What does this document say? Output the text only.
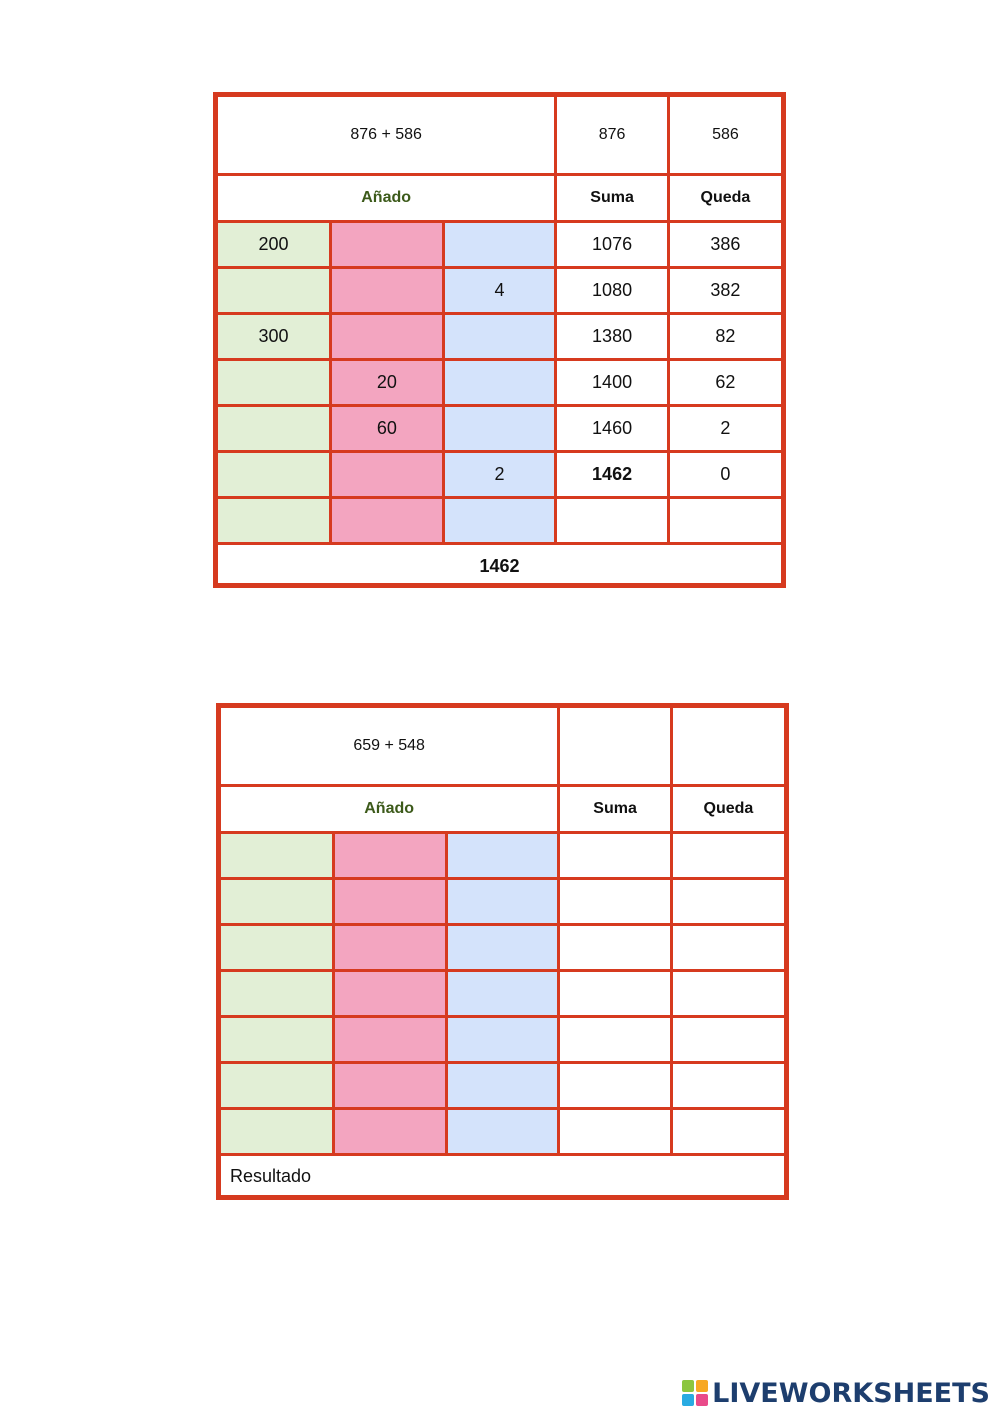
876 + 586			876	586
Añado			Suma	Queda
200			1076	386
		4	1080	382
300			1380	82
	20		1400	62
	60		1460	2
		2	1462	0

1462				
659 + 548				
Añado			Suma	Queda

Resultado				
LIVEWORKSHEETS
